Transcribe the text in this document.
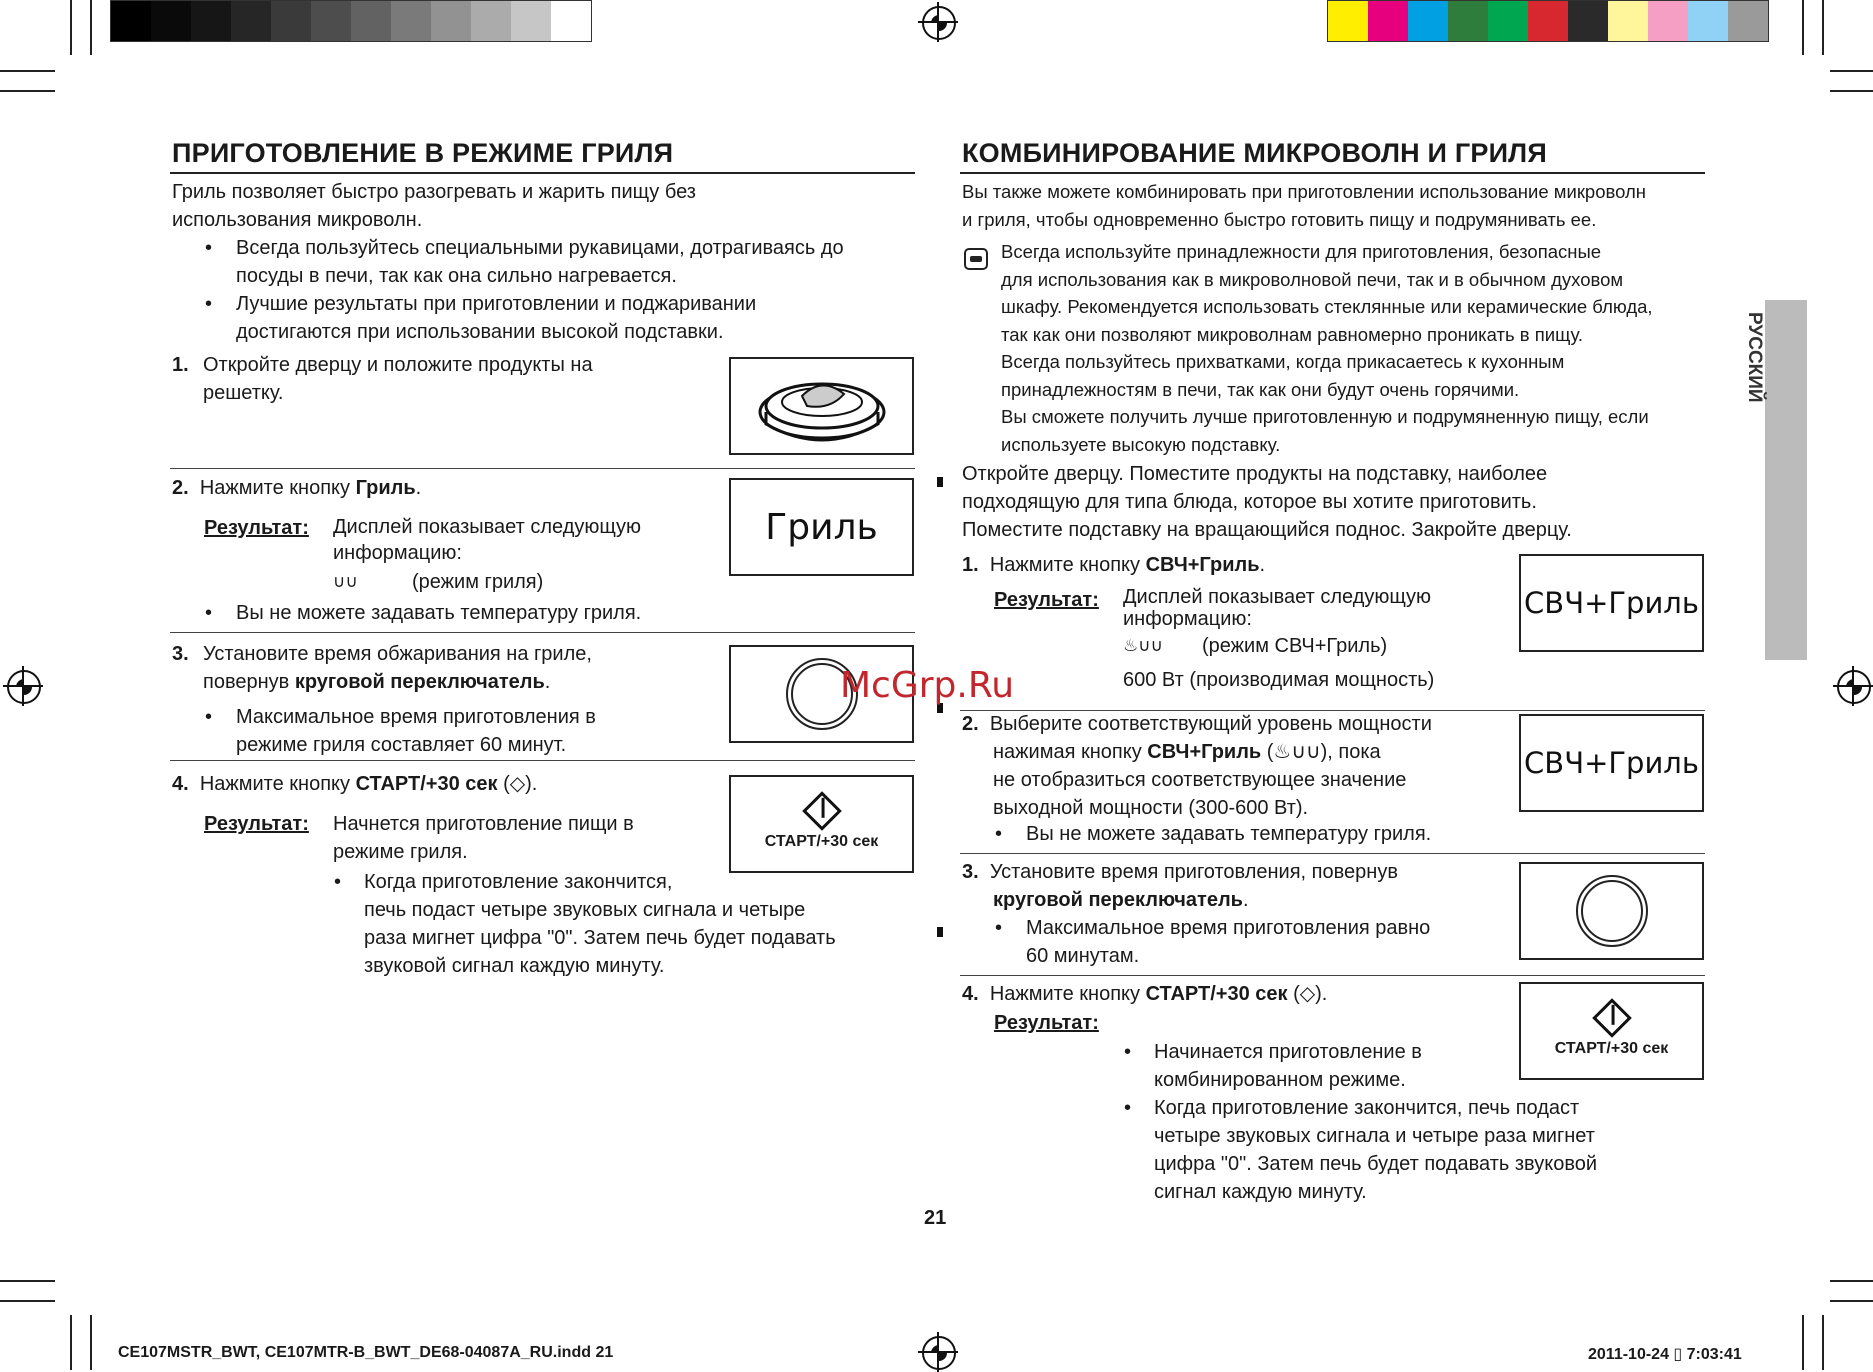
РУССКИЙ
ПРИГОТОВЛЕНИЕ В РЕЖИМЕ ГРИЛЯ

Гриль позволяет быстро разогревать и жарить пищу без
использования микроволн.

• Всегда пользуйтесь специальными рукавицами, дотрагиваясь до
посуды в печи, так как она сильно нагревается.

• Лучшие результаты при приготовлении и поджаривании
достигаются при использовании высокой подставки.

1. Откройте дверцу и положите продукты на
решетку.

2. Нажмите кнопку Гриль.

Результат: Дисплей показывает следующую
информацию:

∪∪	(режим гриля)

• Вы не можете задавать температуру гриля.

Гриль

3. Установите время обжаривания на гриле,
повернув круговой переключатель.

• Максимальное время приготовления в
режиме гриля составляет 60 минут.

4. Нажмите кнопку СТАРТ/+30 сек (◇).

Результат: Начнется приготовление пищи в
режиме гриля.

• Когда приготовление закончится,
печь подаст четыре звуковых сигнала и четыре
раза мигнет цифра "0". Затем печь будет подавать
звуковой сигнал каждую минуту.

СТАРТ/+30 сек
КОМБИНИРОВАНИЕ МИКРОВОЛН И ГРИЛЯ

Вы также можете комбинировать при приготовлении использование микроволн
и гриля, чтобы одновременно быстро готовить пищу и подрумянивать ее.

Всегда используйте принадлежности для приготовления, безопасные
для использования как в микроволновой печи, так и в обычном духовом
шкафу. Рекомендуется использовать стеклянные или керамические блюда,
так как они позволяют микроволнам равномерно проникать в пищу.
Всегда пользуйтесь прихватками, когда прикасаетесь к кухонным
принадлежностям в печи, так как они будут очень горячими.
Вы сможете получить лучше приготовленную и подрумяненную пищу, если
используете высокую подставку.

Откройте дверцу. Поместите продукты на подставку, наиболее
подходящую для типа блюда, которое вы хотите приготовить.
Поместите подставку на вращающийся поднос. Закройте дверцу.

1. Нажмите кнопку СВЧ+Гриль.

Результат: Дисплей показывает следующую
информацию:

♨∪∪ (режим СВЧ+Гриль)

600 Вт (производимая мощность)

СВЧ+Гриль

2. Выберите соответствующий уровень мощности

нажимая кнопку СВЧ+Гриль (♨∪∪), пока
не отобразиться соответствующее значение
выходной мощности (300-600 Вт).

• Вы не можете задавать температуру гриля.

СВЧ+Гриль

3. Установите время приготовления, повернув

круговой переключатель.

• Максимальное время приготовления равно
60 минутам.

4. Нажмите кнопку СТАРТ/+30 сек (◇).

Результат:

• Начинается приготовление в
комбинированном режиме.

• Когда приготовление закончится, печь подаст
четыре звуковых сигнала и четыре раза мигнет
цифра "0". Затем печь будет подавать звуковой
сигнал каждую минуту.

СТАРТ/+30 сек
McGrp.Ru
21
CE107MSTR_BWT, CE107MTR-B_BWT_DE68-04087A_RU.indd 21	2011-10-24 ▯ 7:03:41
